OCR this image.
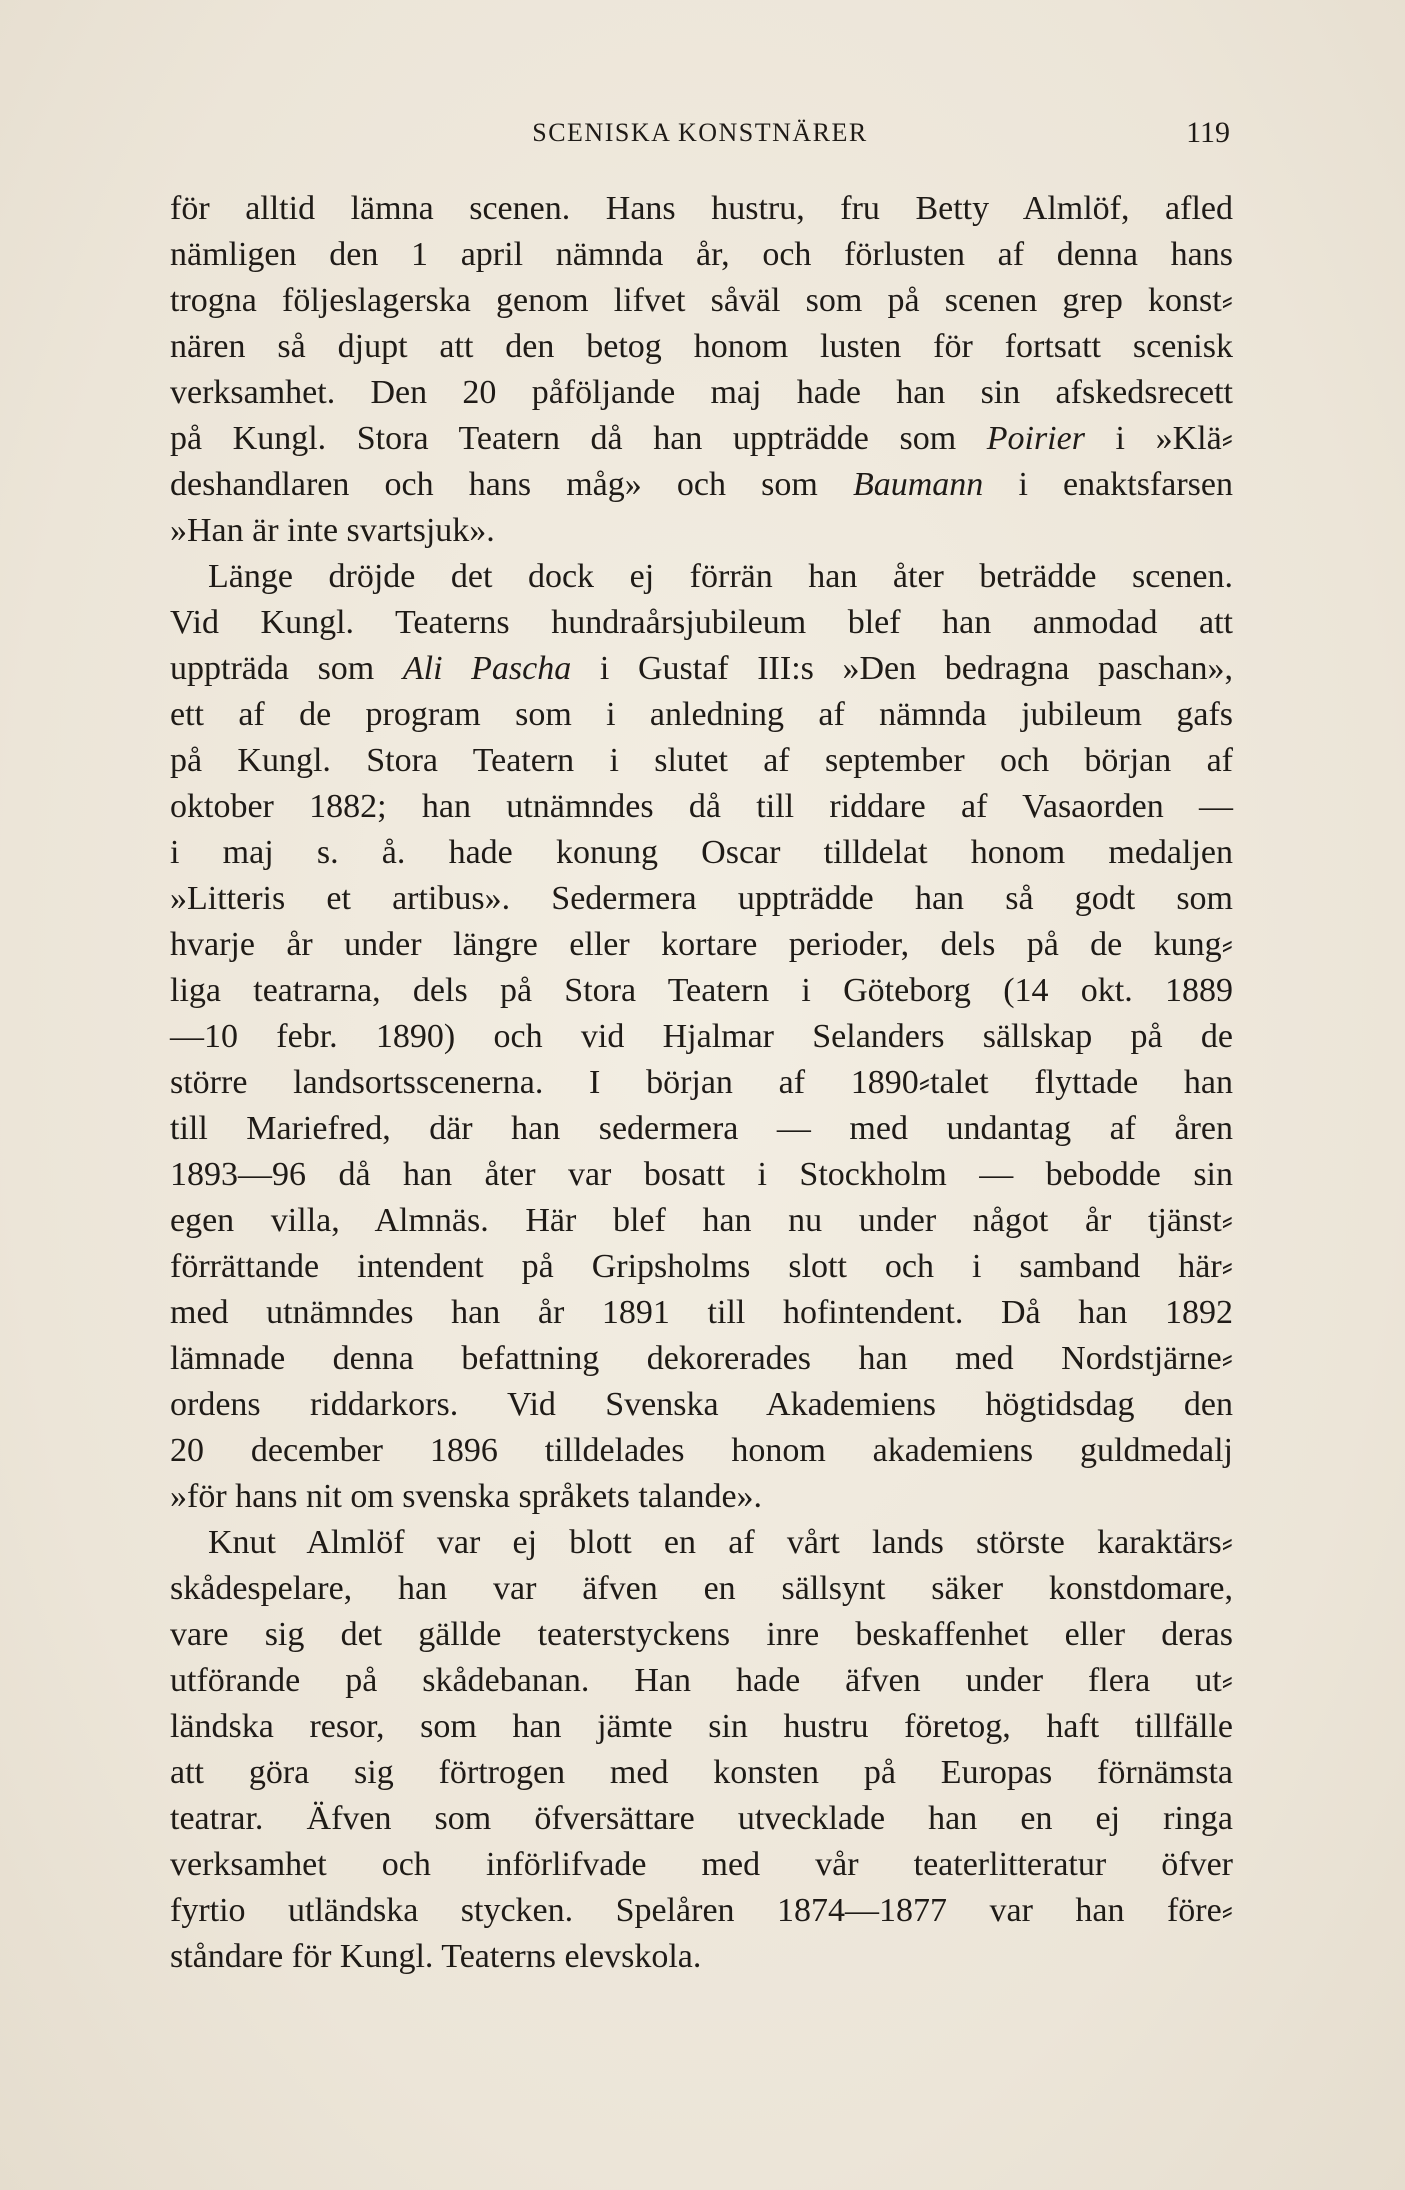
SCENISKA KONSTNÄRER	119
för alltid lämna scenen. Hans hustru, fru Betty Almlöf, afled
nämligen den 1 april nämnda år, och förlusten af denna hans
trogna följeslagerska genom lifvet såväl som på scenen grep konst⸗
nären så djupt att den betog honom lusten för fortsatt scenisk
verksamhet. Den 20 påföljande maj hade han sin afskedsrecett
på Kungl. Stora Teatern då han uppträdde som Poirier i »Klä⸗
deshandlaren och hans måg» och som Baumann i enaktsfarsen
»Han är inte svartsjuk».
Länge dröjde det dock ej förrän han åter beträdde scenen.
Vid Kungl. Teaterns hundraårsjubileum blef han anmodad att
uppträda som Ali Pascha i Gustaf III:s »Den bedragna paschan»,
ett af de program som i anledning af nämnda jubileum gafs
på Kungl. Stora Teatern i slutet af september och början af
oktober 1882; han utnämndes då till riddare af Vasaorden —
i maj s. å. hade konung Oscar tilldelat honom medaljen
»Litteris et artibus». Sedermera uppträdde han så godt som
hvarje år under längre eller kortare perioder, dels på de kung⸗
liga teatrarna, dels på Stora Teatern i Göteborg (14 okt. 1889
—10 febr. 1890) och vid Hjalmar Selanders sällskap på de
större landsortsscenerna. I början af 1890⸗talet flyttade han
till Mariefred, där han sedermera — med undantag af åren
1893—96 då han åter var bosatt i Stockholm — bebodde sin
egen villa, Almnäs. Här blef han nu under något år tjänst⸗
förrättande intendent på Gripsholms slott och i samband här⸗
med utnämndes han år 1891 till hofintendent. Då han 1892
lämnade denna befattning dekorerades han med Nordstjärne⸗
ordens riddarkors. Vid Svenska Akademiens högtidsdag den
20 december 1896 tilldelades honom akademiens guldmedalj
»för hans nit om svenska språkets talande».
Knut Almlöf var ej blott en af vårt lands störste karaktärs⸗
skådespelare, han var äfven en sällsynt säker konstdomare,
vare sig det gällde teaterstyckens inre beskaffenhet eller deras
utförande på skådebanan. Han hade äfven under flera ut⸗
ländska resor, som han jämte sin hustru företog, haft tillfälle
att göra sig förtrogen med konsten på Europas förnämsta
teatrar. Äfven som öfversättare utvecklade han en ej ringa
verksamhet och införlifvade med vår teaterlitteratur öfver
fyrtio utländska stycken. Spelåren 1874—1877 var han före⸗
ståndare för Kungl. Teaterns elevskola.
